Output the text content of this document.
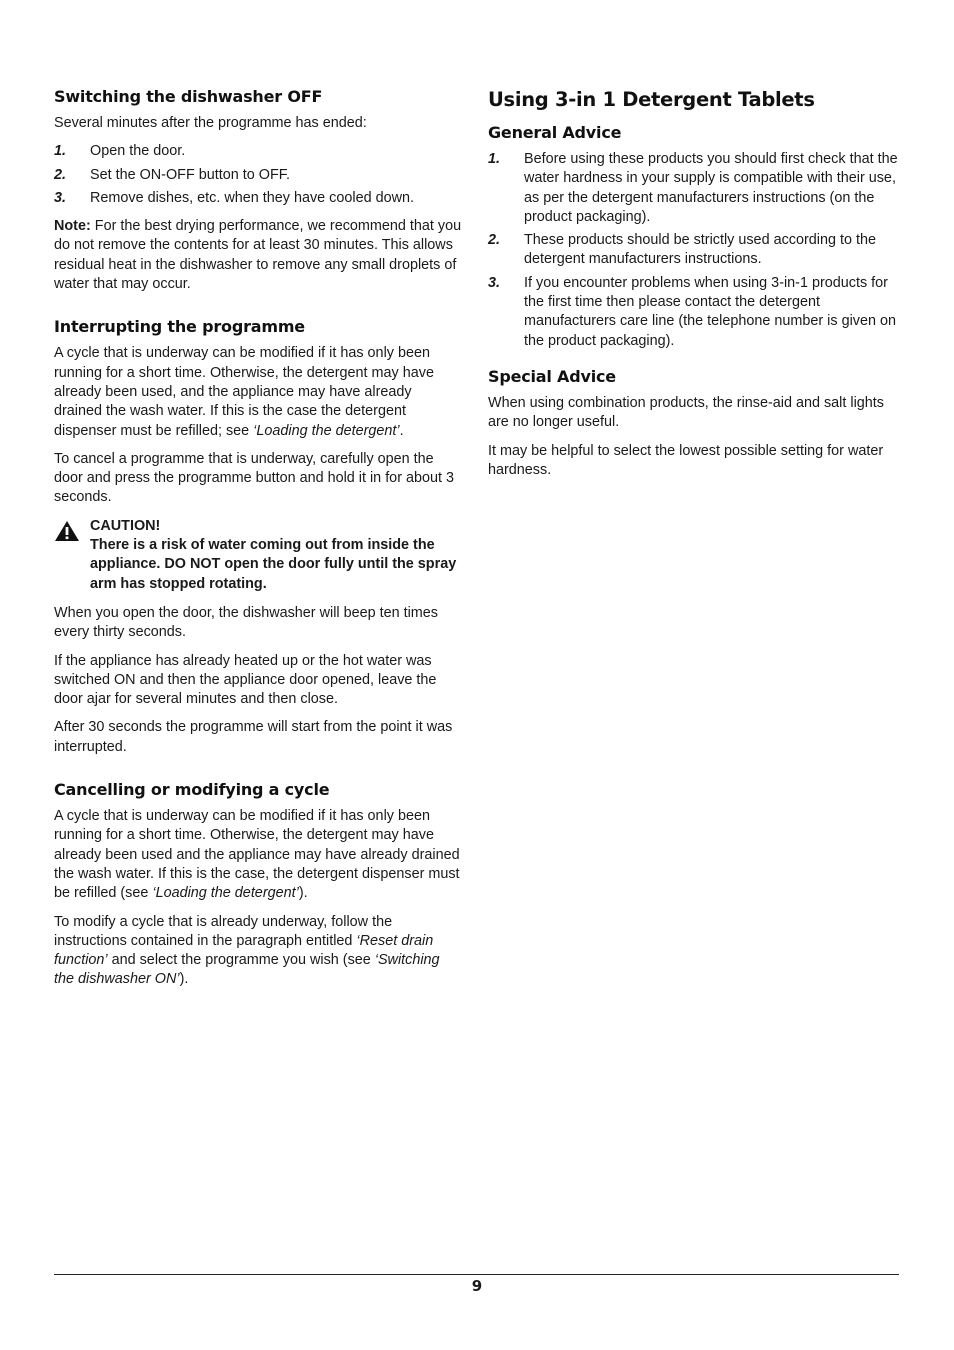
Switching the dishwasher OFF

Several minutes after the programme has ended:

1.	Open the door.
2.	Set the ON-OFF button to OFF.
3.	Remove dishes, etc. when they have cooled down.

Note: For the best drying performance, we recommend that you do not remove the contents for at least 30 minutes. This allows residual heat in the dishwasher to remove any small droplets of water that may occur.

Interrupting the programme

A cycle that is underway can be modified if it has only been running for a short time. Otherwise, the detergent may have already been used, and the appliance may have already drained the wash water. If this is the case the detergent dispenser must be refilled; see ‘Loading the detergent’.

To cancel a programme that is underway, carefully open the door and press the programme button and hold it in for about 3 seconds.

CAUTION!
There is a risk of water coming out from inside the appliance. DO NOT open the door fully until the spray arm has stopped rotating.

When you open the door, the dishwasher will beep ten times every thirty seconds.

If the appliance has already heated up or the hot water was switched ON and then the appliance door opened, leave the door ajar for several minutes and then close.

After 30 seconds the programme will start from the point it was interrupted.

Cancelling or modifying a cycle

A cycle that is underway can be modified if it has only been running for a short time. Otherwise, the detergent may have already been used and the appliance may have already drained the wash water. If this is the case, the detergent dispenser must be refilled (see ‘Loading the detergent’).

To modify a cycle that is already underway, follow the instructions contained in the paragraph entitled ‘Reset drain function’ and select the programme you wish (see ‘Switching the dishwasher ON’).

Using 3-in 1 Detergent Tablets
General Advice
1.	Before using these products you should first check that the water hardness in your supply is compatible with their use, as per the detergent manufacturers instructions (on the product packaging).
2.	These products should be strictly used according to the detergent manufacturers instructions.
3.	If you encounter problems when using 3-in-1 products for the first time then please contact the detergent manufacturers care line (the telephone number is given on the product packaging).
Special Advice

When using combination products, the rinse-aid and salt lights are no longer useful.

It may be helpful to select the lowest possible setting for water hardness.

9
